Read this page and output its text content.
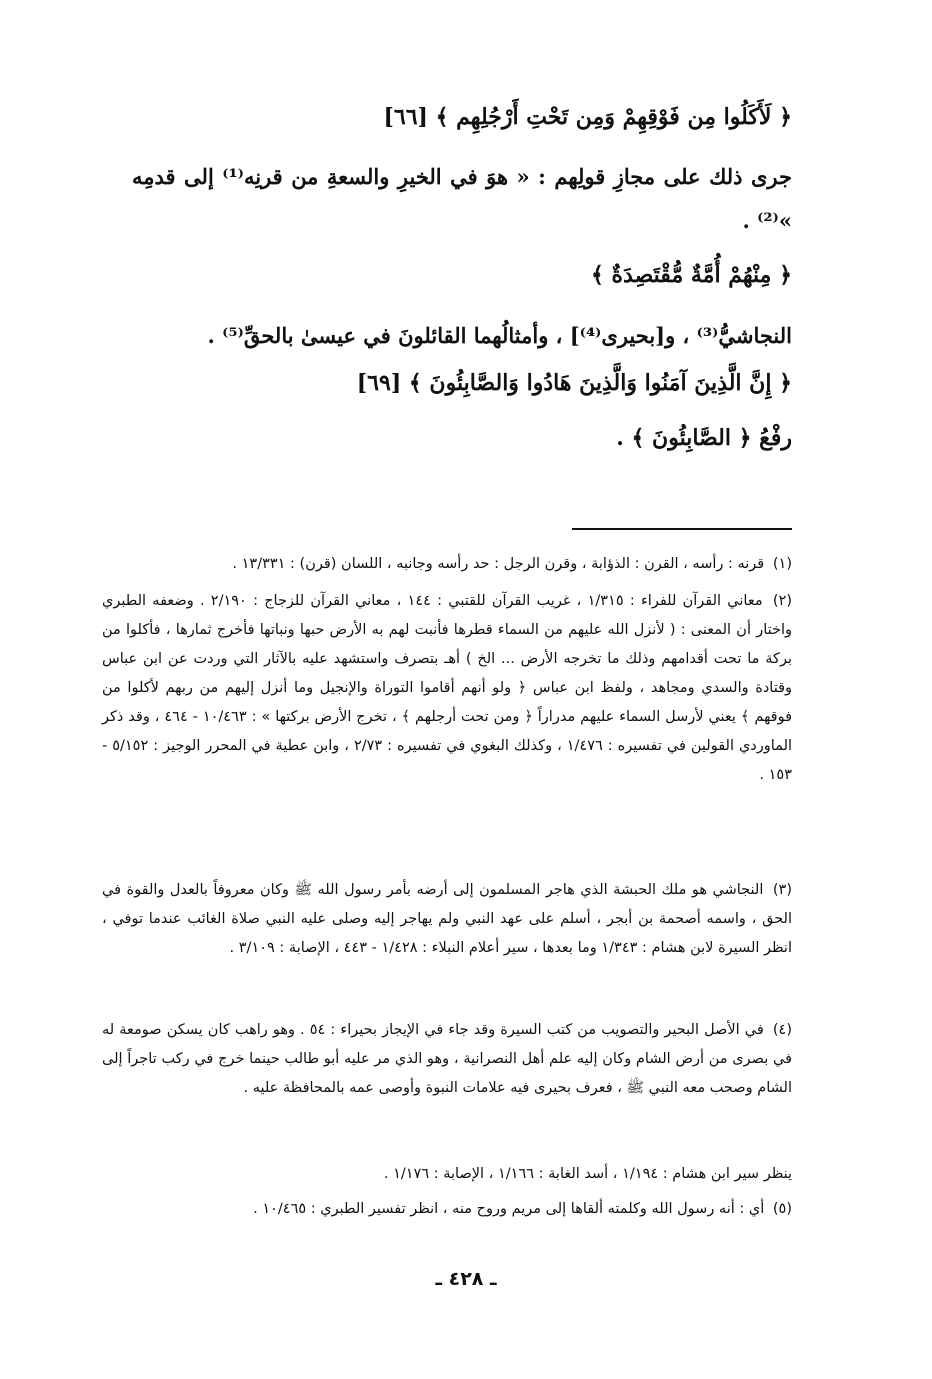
﴿ لَأَكَلُوا مِن فَوْقِهِمْ وَمِن تَحْتِ أَرْجُلِهِم ﴾ [٦٦]
جرى ذلك على مجازِ قولِهم : « هوَ في الخيرِ والسعةِ من قرنِه⁽¹⁾ إلى قدمِه »⁽²⁾ .
﴿ مِنْهُمْ أُمَّةٌ مُّقْتَصِدَةٌ ﴾
النجاشيُّ⁽³⁾ ، و[بحيرى⁽⁴⁾] ، وأمثالُهما القائلونَ في عيسىٰ بالحقِّ⁽⁵⁾ .
﴿ إِنَّ الَّذِينَ آمَنُوا وَالَّذِينَ هَادُوا وَالصَّابِئُونَ ﴾ [٦٩]
رفْعُ ﴿ الصَّابِئُونَ ﴾ .
(١) قرنه : رأسه ، القرن : الذؤابة ، وقرن الرجل : حد رأسه وجانبه ، اللسان (قرن) : ١٣/٣٣١ .
(٢) معاني القرآن للفراء : ١/٣١٥ ، غريب القرآن للقتبي : ١٤٤ ، معاني القرآن للزجاج : ٢/١٩٠ . وضعفه الطبري واختار أن المعنى : ( لأنزل الله عليهم من السماء قطرها فأنبت لهم به الأرض حبها ونباتها فأخرج ثمارها ، فأكلوا من بركة ما تحت أقدامهم وذلك ما تخرجه الأرض ... الخ ) أهـ بتصرف واستشهد عليه بالآثار التي وردت عن ابن عباس وقتادة والسدي ومجاهد ، ولفظ ابن عباس ﴿ ولو أنهم أقاموا التوراة والإنجيل وما أنزل إليهم من ربهم لأكلوا من فوقهم ﴾ يعني لأرسل السماء عليهم مدراراً ﴿ ومن تحت أرجلهم ﴾ ، تخرج الأرض بركتها » : ١٠/٤٦٣ - ٤٦٤ ، وقد ذكر الماوردي القولين في تفسيره : ١/٤٧٦ ، وكذلك البغوي في تفسيره : ٢/٧٣ ، وابن عطية في المحرر الوجيز : ٥/١٥٢ - ١٥٣ .
(٣) النجاشي هو ملك الحبشة الذي هاجر المسلمون إلى أرضه بأمر رسول الله ﷺ وكان معروفاً بالعدل والقوة في الحق ، واسمه أصحمة بن أبجر ، أسلم على عهد النبي ولم يهاجر إليه وصلى عليه النبي صلاة الغائب عندما توفي ، انظر السيرة لابن هشام : ١/٣٤٣ وما بعدها ، سير أعلام النبلاء : ١/٤٢٨ - ٤٤٣ ، الإصابة : ٣/١٠٩ .
(٤) في الأصل البحير والتصويب من كتب السيرة وقد جاء في الإيجاز بحيراء : ٥٤ . وهو راهب كان يسكن صومعة له في بصرى من أرض الشام وكان إليه علم أهل النصرانية ، وهو الذي مر عليه أبو طالب حينما خرج في ركب تاجراً إلى الشام وصحب معه النبي ﷺ ، فعرف بحيرى فيه علامات النبوة وأوصى عمه بالمحافظة عليه .
ينظر سير ابن هشام : ١/١٩٤ ، أسد الغابة : ١/١٦٦ ، الإصابة : ١/١٧٦ .
(٥) أي : أنه رسول الله وكلمته ألقاها إلى مريم وروح منه ، انظر تفسير الطبري : ١٠/٤٦٥ .
ـ ٤٢٨ ـ
